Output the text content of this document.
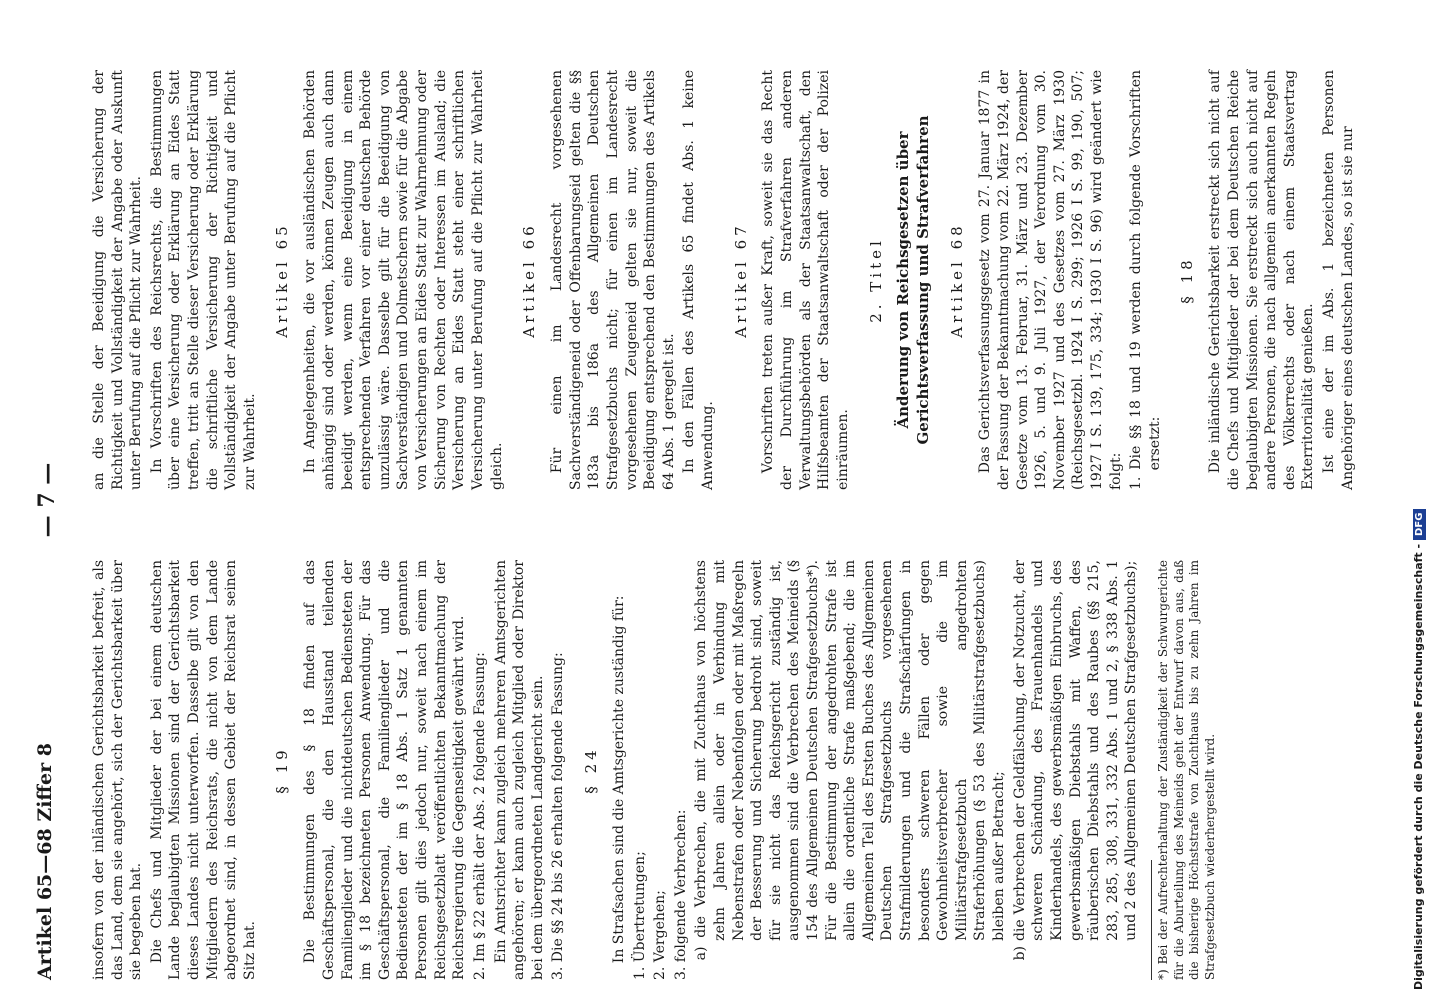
Artikel 65—68 Ziffer 8
— 7 —

insofern von der inländischen Gerichtsbarkeit befreit, als das Land, dem sie angehört, sich der Gerichtsbarkeit über sie begeben hat. Die Chefs und Mitglieder der bei einem deutschen Lande beglaubigten Missionen sind der Gerichtsbarkeit dieses Landes nicht unterworfen. Dasselbe gilt von den Mitgliedern des Reichsrats, die nicht von dem Lande abgeordnet sind, in dessen Gebiet der Reichsrat seinen Sitz hat.

§ 19 Die Bestimmungen des § 18 finden auf das Geschäftspersonal, die den Hausstand teilenden Familienglieder und die nichtdeutschen Bediensteten der im § 18 bezeichneten Personen Anwendung. Für das Geschäftspersonal, die Familienglieder und die Bediensteten der im § 18 Abs. 1 Satz 1 genannten Personen gilt dies jedoch nur, soweit nach einem im Reichsgesetzblatt veröffentlichten Bekanntmachung der Reichsregierung die Gegenseitigkeit gewährt wird. 2. Im § 22 erhält der Abs. 2 folgende Fassung: Ein Amtsrichter kann zugleich mehreren Amtsgerichten angehören; er kann auch zugleich Mitglied oder Direktor bei dem übergeordneten Landgericht sein. 3. Die §§ 24 bis 26 erhalten folgende Fassung: § 24 In Strafsachen sind die Amtsgerichte zuständig für: 1. Übertretungen; 2. Vergehen; 3. folgende Verbrechen: a) die Verbrechen, die mit Zuchthaus von höchstens zehn Jahren allein oder in Verbindung mit Nebenstrafen oder Nebenfolgen oder mit Maßregeln der Besserung und Sicherung bedroht sind, soweit für sie nicht das Reichsgericht zuständig ist, ausgenommen sind die Verbrechen des Meineids (§ 154 des Allgemeinen Deutschen Strafgesetzbuchs*). Für die Bestimmung der angedrohten Strafe ist allein die ordentliche Strafe maßgebend; die im Allgemeinen Teil des Ersten Buches des Allgemeinen Deutschen Strafgesetzbuchs vorgesehenen Strafmilderungen und die Strafschärfungen in besonders schweren Fällen oder gegen Gewohnheitsverbrecher sowie die im Militärstrafgesetzbuch angedrohten Straferhöhungen (§ 53 des Militärstrafgesetzbuchs) bleiben außer Betracht; b) die Verbrechen der Geldfälschung, der Notzucht, der schweren Schändung, des Frauenhandels und Kinderhandels, des gewerbsmäßigen Einbruchs, des gewerbsmäßigen Diebstahls mit Waffen, des räuberischen Diebstahls und des Raubes (§§ 215, 283, 285, 308, 331, 332 Abs. 1 und 2, § 338 Abs. 1 und 2 des Allgemeinen Deutschen Strafgesetzbuchs); *) Bei der Aufrechterhaltung der Zuständigkeit der Schwurgerichte für die Aburteilung des Meineids geht der Entwurf davon aus, daß die bisherige Höchststrafe von Zuchthaus bis zu zehn Jahren im Strafgesetzbuch wiederhergestellt wird.

an die Stelle der Beeidigung die Versicherung der Richtigkeit und Vollständigkeit der Angabe oder Auskunft unter Berufung auf die Pflicht zur Wahrheit. In Vorschriften des Reichsrechts, die Bestimmungen über eine Versicherung oder Erklärung an Eides Statt treffen, tritt an Stelle dieser Versicherung oder Erklärung die schriftliche Versicherung der Richtigkeit und Vollständigkeit der Angabe unter Berufung auf die Pflicht zur Wahrheit.

Artikel 65 In Angelegenheiten, die vor ausländischen Behörden anhängig sind oder werden, können Zeugen auch dann beeidigt werden, wenn eine Beeidigung in einem entsprechenden Verfahren vor einer deutschen Behörde unzulässig wäre. Dasselbe gilt für die Beeidigung von Sachverständigen und Dolmetschern sowie für die Abgabe von Versicherungen an Eides Statt zur Wahrnehmung oder Sicherung von Rechten oder Interessen im Ausland; die Versicherung an Eides Statt steht einer schriftlichen Versicherung unter Berufung auf die Pflicht zur Wahrheit gleich.

Artikel 66 Für einen im Landesrecht vorgesehenen Sachverständigeneid oder Offenbarungseid gelten die §§ 183a bis 186a des Allgemeinen Deutschen Strafgesetzbuchs nicht; für einen im Landesrecht vorgesehenen Zeugeneid gelten sie nur, soweit die Beeidigung entsprechend den Bestimmungen des Artikels 64 Abs. 1 geregelt ist. In den Fällen des Artikels 65 findet Abs. 1 keine Anwendung.

Artikel 67 Vorschriften treten außer Kraft, soweit sie das Recht der Durchführung im Strafverfahren anderen Verwaltungsbehörden als der Staatsanwaltschaft, den Hilfsbeamten der Staatsanwaltschaft oder der Polizei einräumen.

2. Titel Änderung von Reichsgesetzen über Gerichtsverfassung und Strafverfahren Artikel 68 Das Gerichtsverfassungsgesetz vom 27. Januar 1877 in der Fassung der Bekanntmachung vom 22. März 1924, der Gesetze vom 13. Februar, 31. März und 23. Dezember 1926, 5. und 9. Juli 1927, der Verordnung vom 30. November 1927 und des Gesetzes vom 27. März 1930 (Reichsgesetzbl. 1924 I S. 299; 1926 I S. 99, 190, 507; 1927 I S. 139, 175, 334; 1930 I S. 96) wird geändert wie folgt: 1. Die §§ 18 und 19 werden durch folgende Vorschriften ersetzt:
§ 18 Die inländische Gerichtsbarkeit erstreckt sich nicht auf die Chefs und Mitglieder der bei dem Deutschen Reiche beglaubigten Missionen. Sie erstreckt sich auch nicht auf andere Personen, die nach allgemein anerkannten Regeln des Völkerrechts oder nach einem Staatsvertrag Exterritorialität genießen. Ist eine der im Abs. 1 bezeichneten Personen Angehöriger eines deutschen Landes, so ist sie nur

Digitalisierung gefördert durch die Deutsche Forschungsgemeinschaft -DFG
